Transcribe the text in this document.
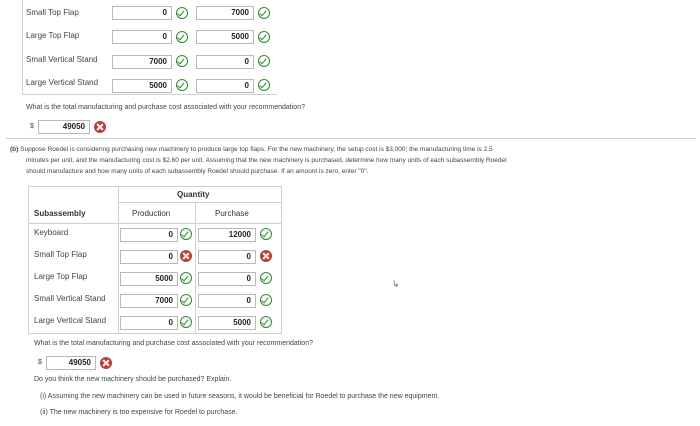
Small Top Flap	0	7000
Large Top Flap	0	5000
Small Vertical Stand	7000	0
Large Vertical Stand	5000	0
What is the total manufacturing and purchase cost associated with your recommendation?
$	49050
(b) Suppose Roedel is considering purchasing new machinery to produce large top flaps. For the new machinery, the setup cost is $3,000; the manufacturing time is 2.5
minutes per unit, and the manufacturing cost is $2.60 per unit. Assuming that the new machinery is purchased, determine how many units of each subassembly Roedel
should manufacture and how many units of each subassembly Roedel should purchase. If an amount is zero, enter "0".
Quantity
Subassembly	Production	Purchase
Keyboard	0	12000
Small Top Flap	0	0
Large Top Flap	5000	0
Small Vertical Stand	7000	0
Large Vertical Stand	0	5000
↳
What is the total manufacturing and purchase cost associated with your recommendation?
$	49050
Do you think the new machinery should be purchased? Explain.
(i) Assuming the new machinery can be used in future seasons, it would be beneficial for Roedel to purchase the new equipment.
(ii) The new machinery is too expensive for Roedel to purchase.
